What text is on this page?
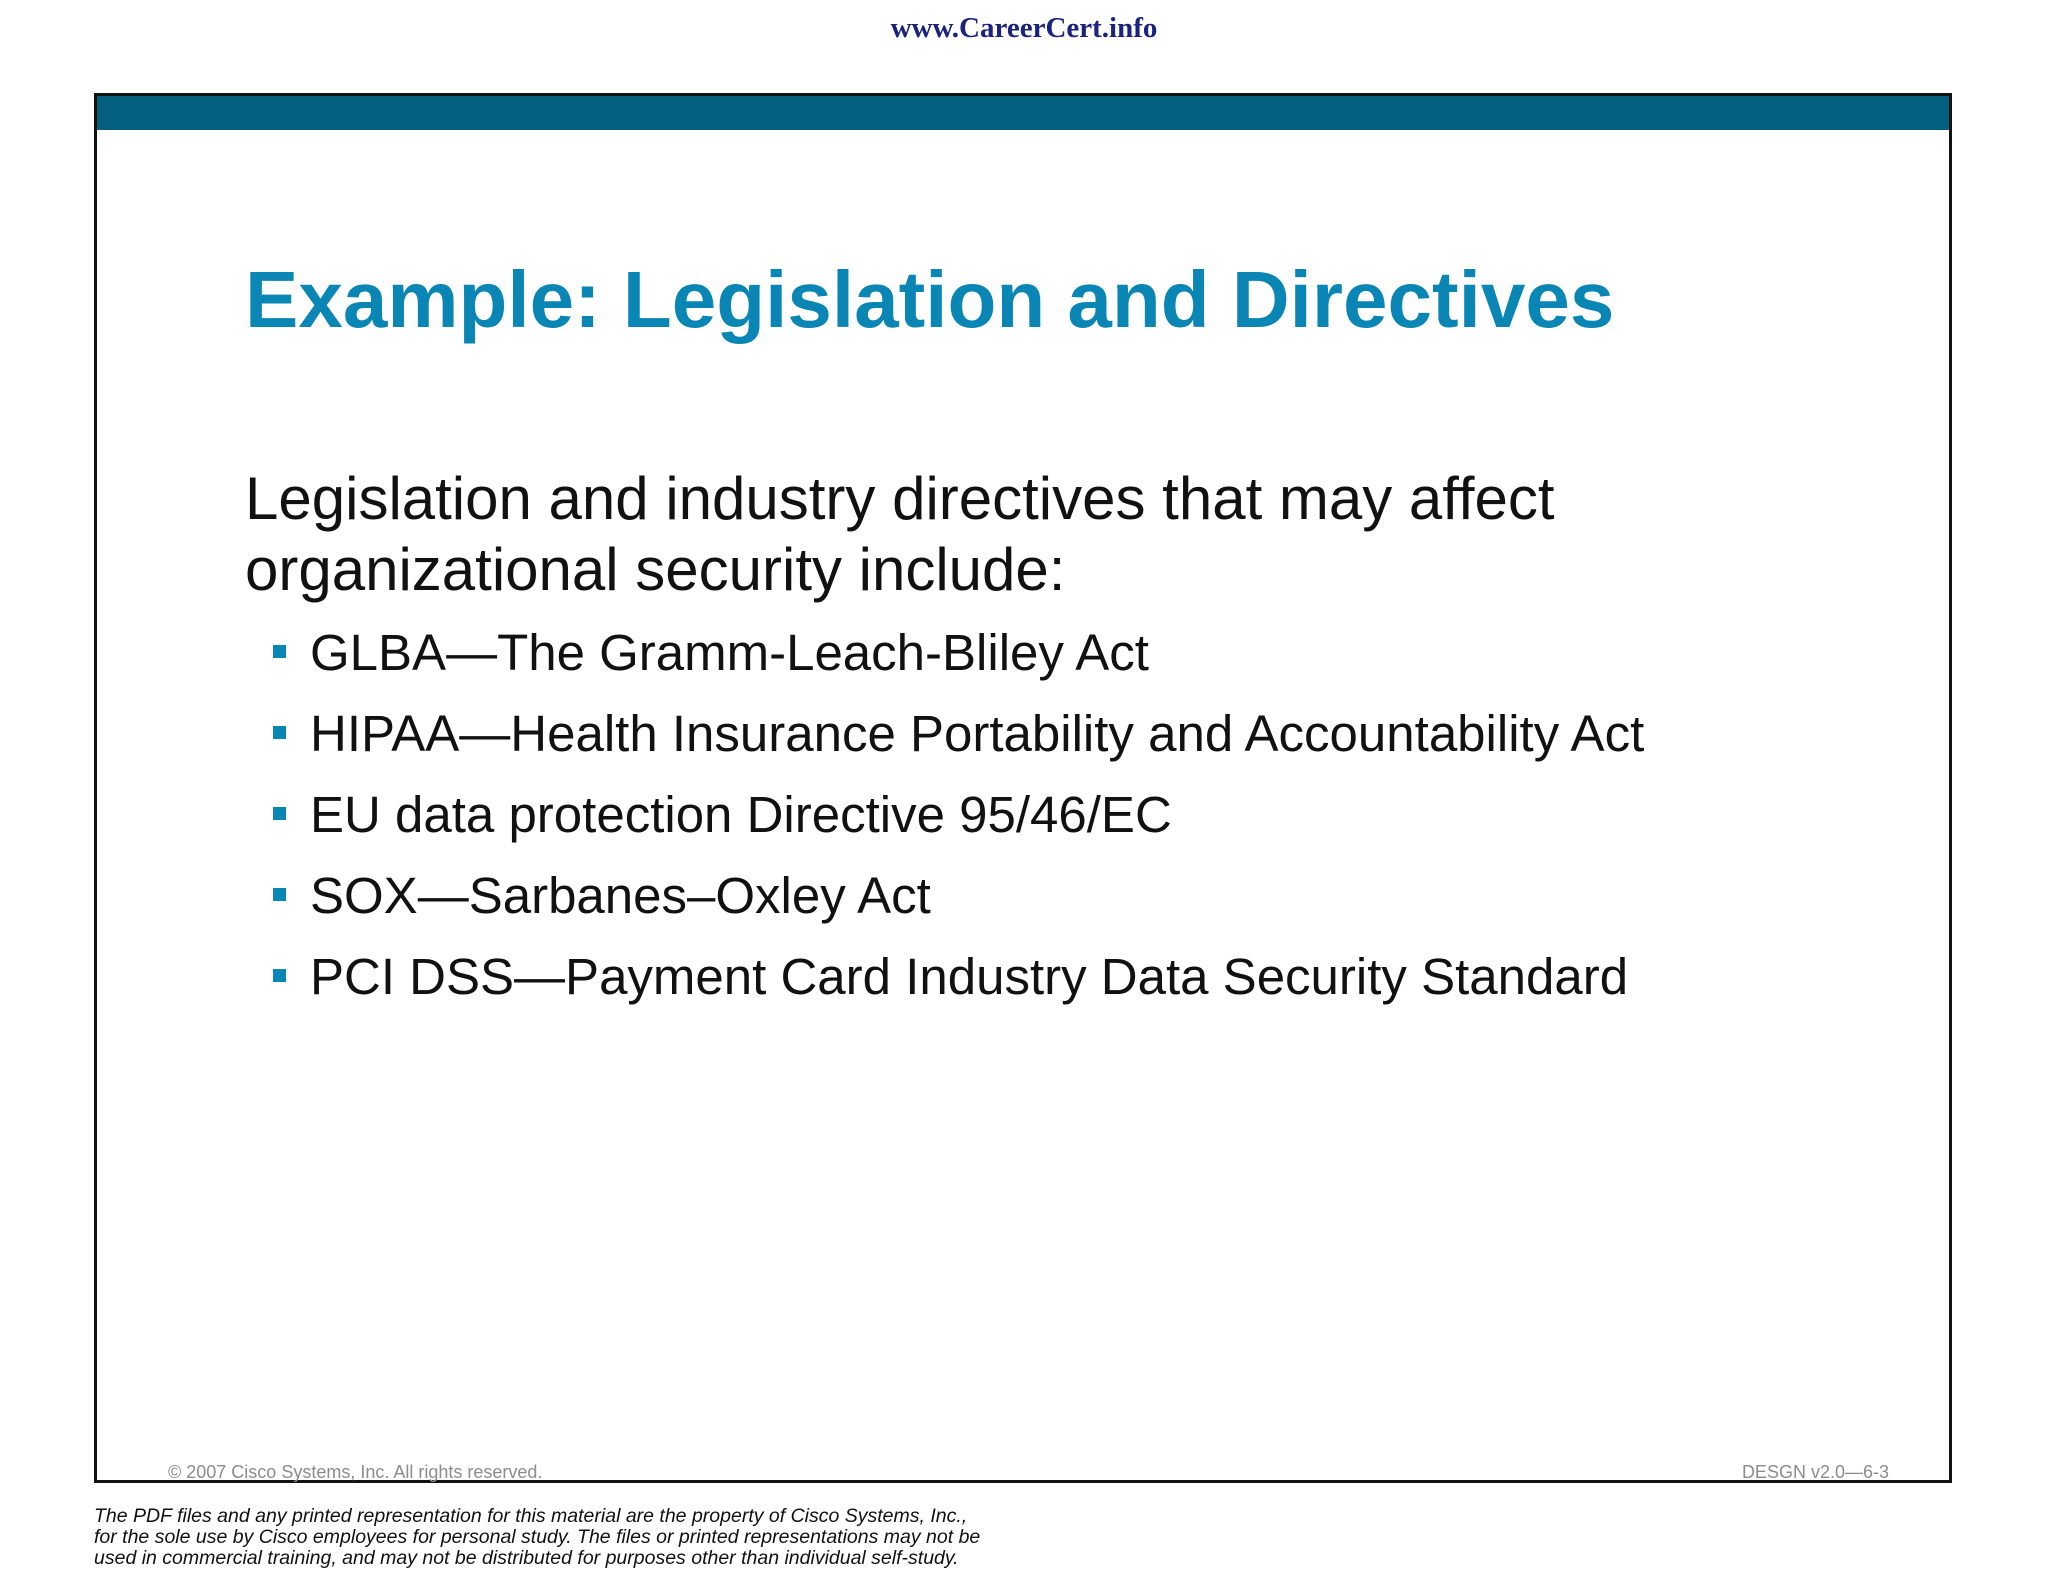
www.CareerCert.info
Example: Legislation and Directives

Legislation and industry directives that may affect organizational security include:

GLBA—The Gramm-Leach-Bliley Act
HIPAA—Health Insurance Portability and Accountability Act
EU data protection Directive 95/46/EC
SOX—Sarbanes–Oxley Act
PCI DSS—Payment Card Industry Data Security Standard
© 2007 Cisco Systems, Inc. All rights reserved.	DESGN v2.0—6-3
The PDF files and any printed representation for this material are the property of Cisco Systems, Inc.,
for the sole use by Cisco employees for personal study. The files or printed representations may not be
used in commercial training, and may not be distributed for purposes other than individual self-study.
